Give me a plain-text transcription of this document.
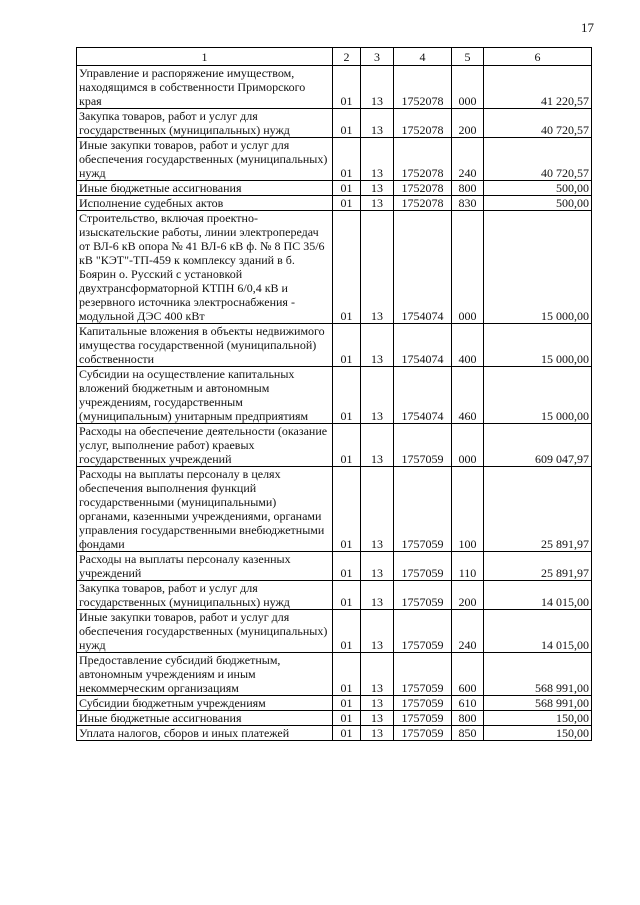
17
1	2	3	4	5	6
Управление и распоряжение имуществом, находящимся в собственности Приморского края	01	13	1752078	000	41 220,57
Закупка товаров, работ и услуг для государственных (муниципальных) нужд	01	13	1752078	200	40 720,57
Иные закупки товаров, работ и услуг для обеспечения государственных (муниципальных) нужд	01	13	1752078	240	40 720,57
Иные бюджетные ассигнования	01	13	1752078	800	500,00
Исполнение судебных актов	01	13	1752078	830	500,00
Строительство, включая проектно-изыскательские работы, линии электропередач от ВЛ-6 кВ опора № 41 ВЛ-6 кВ ф. № 8 ПС 35/6 кВ "КЭТ"-ТП-459 к комплексу зданий в б. Боярин о. Русский с установкой двухтрансформаторной КТПН 6/0,4 кВ и резервного источника электроснабжения - модульной ДЭС 400 кВт	01	13	1754074	000	15 000,00
Капитальные вложения в объекты недвижимого имущества государственной (муниципальной) собственности	01	13	1754074	400	15 000,00
Субсидии на осуществление капитальных вложений бюджетным и автономным учреждениям, государственным (муниципальным) унитарным предприятиям	01	13	1754074	460	15 000,00
Расходы на обеспечение деятельности (оказание услуг, выполнение работ) краевых государственных учреждений	01	13	1757059	000	609 047,97
Расходы на выплаты персоналу в целях обеспечения выполнения функций государственными (муниципальными) органами, казенными учреждениями, органами управления государственными внебюджетными фондами	01	13	1757059	100	25 891,97
Расходы на выплаты персоналу казенных учреждений	01	13	1757059	110	25 891,97
Закупка товаров, работ и услуг для государственных (муниципальных) нужд	01	13	1757059	200	14 015,00
Иные закупки товаров, работ и услуг для обеспечения государственных (муниципальных) нужд	01	13	1757059	240	14 015,00
Предоставление субсидий бюджетным, автономным учреждениям и иным некоммерческим организациям	01	13	1757059	600	568 991,00
Субсидии бюджетным учреждениям	01	13	1757059	610	568 991,00
Иные бюджетные ассигнования	01	13	1757059	800	150,00
Уплата налогов, сборов и иных платежей	01	13	1757059	850	150,00
